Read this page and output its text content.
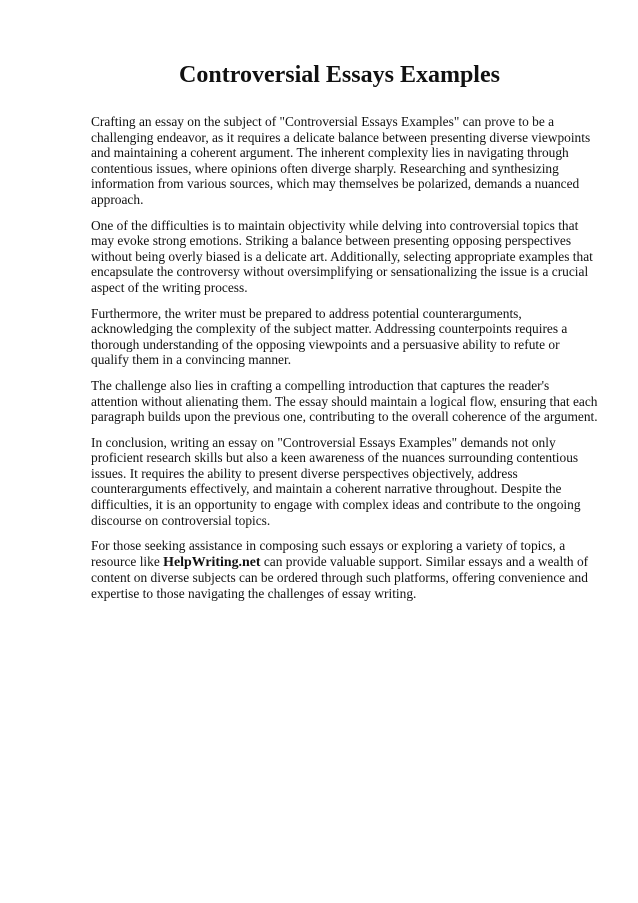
Controversial Essays Examples

Crafting an essay on the subject of "Controversial Essays Examples" can prove to be a challenging endeavor, as it requires a delicate balance between presenting diverse viewpoints and maintaining a coherent argument. The inherent complexity lies in navigating through contentious issues, where opinions often diverge sharply. Researching and synthesizing information from various sources, which may themselves be polarized, demands a nuanced approach.

One of the difficulties is to maintain objectivity while delving into controversial topics that may evoke strong emotions. Striking a balance between presenting opposing perspectives without being overly biased is a delicate art. Additionally, selecting appropriate examples that encapsulate the controversy without oversimplifying or sensationalizing the issue is a crucial aspect of the writing process.

Furthermore, the writer must be prepared to address potential counterarguments, acknowledging the complexity of the subject matter. Addressing counterpoints requires a thorough understanding of the opposing viewpoints and a persuasive ability to refute or qualify them in a convincing manner.

The challenge also lies in crafting a compelling introduction that captures the reader's attention without alienating them. The essay should maintain a logical flow, ensuring that each paragraph builds upon the previous one, contributing to the overall coherence of the argument.

In conclusion, writing an essay on "Controversial Essays Examples" demands not only proficient research skills but also a keen awareness of the nuances surrounding contentious issues. It requires the ability to present diverse perspectives objectively, address counterarguments effectively, and maintain a coherent narrative throughout. Despite the difficulties, it is an opportunity to engage with complex ideas and contribute to the ongoing discourse on controversial topics.

For those seeking assistance in composing such essays or exploring a variety of topics, a resource like HelpWriting.net can provide valuable support. Similar essays and a wealth of content on diverse subjects can be ordered through such platforms, offering convenience and expertise to those navigating the challenges of essay writing.
